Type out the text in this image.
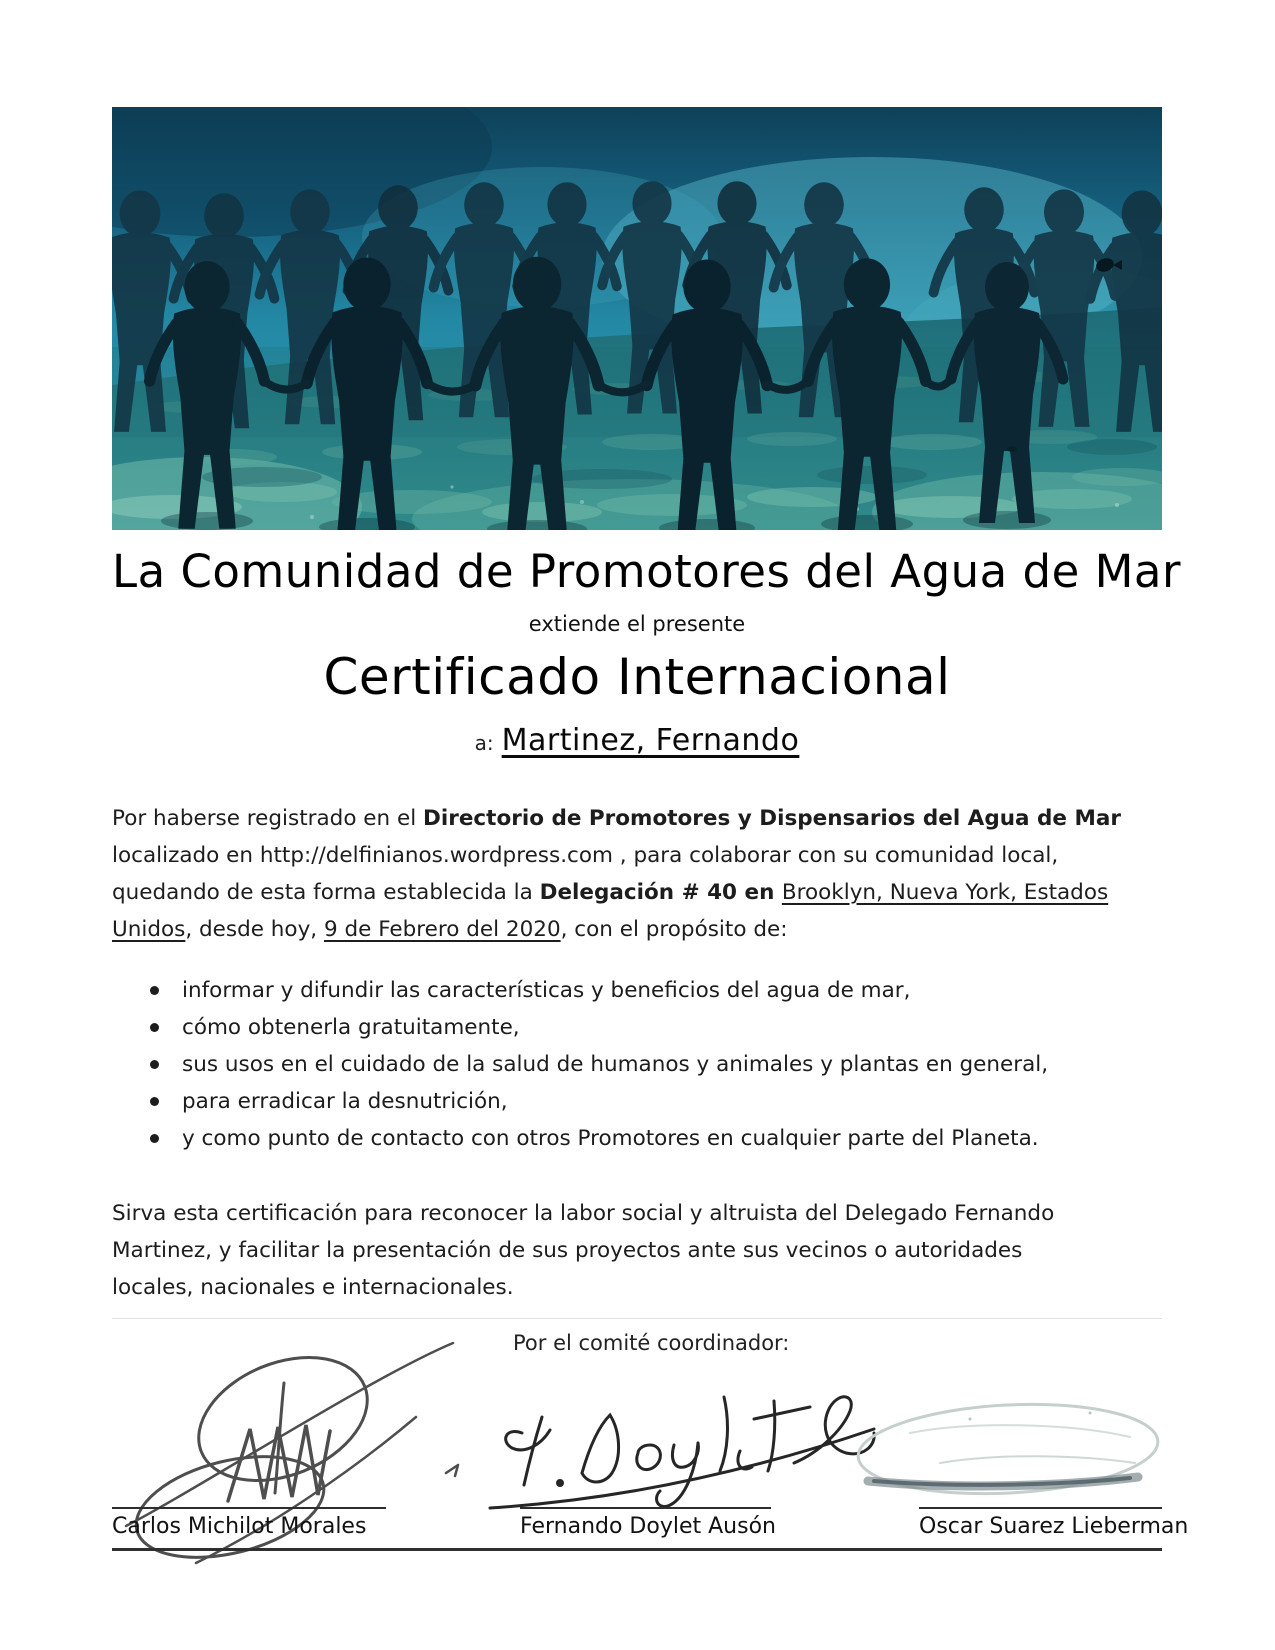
La Comunidad de Promotores del Agua de Mar
extiende el presente
Certificado Internacional
a: Martinez, Fernando

Por haberse registrado en el Directorio de Promotores y Dispensarios del Agua de Mar
localizado en http://delfinianos.wordpress.com , para colaborar con su comunidad local,
quedando de esta forma establecida la Delegación # 40 en Brooklyn, Nueva York, Estados
Unidos, desde hoy, 9 de Febrero del 2020, con el propósito de:

informar y difundir las características y beneficios del agua de mar,
cómo obtenerla gratuitamente,
sus usos en el cuidado de la salud de humanos y animales y plantas en general,
para erradicar la desnutrición,
y como punto de contacto con otros Promotores en cualquier parte del Planeta.

Sirva esta certificación para reconocer la labor social y altruista del Delegado Fernando
Martinez, y facilitar la presentación de sus proyectos ante sus vecinos o autoridades
locales, nacionales e internacionales.

Por el comité coordinador:
Carlos Michilot Morales	Fernando Doylet Ausón	Oscar Suarez Lieberman
